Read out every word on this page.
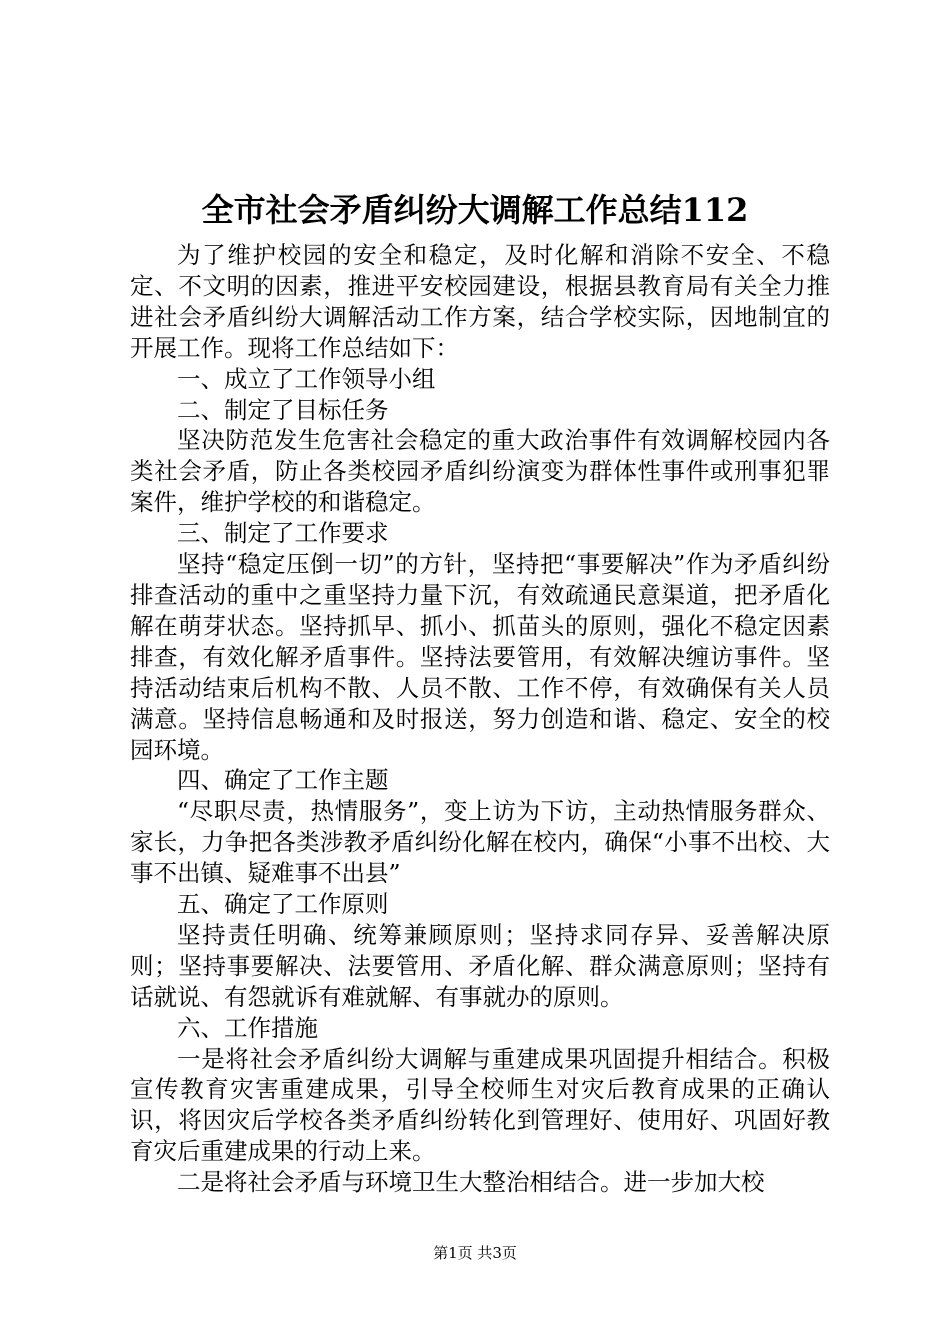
全市社会矛盾纠纷大调解工作总结112

为了维护校园的安全和稳定，及时化解和消除不安全、不稳定、不文明的因素，推进平安校园建设，根据县教育局有关全力推进社会矛盾纠纷大调解活动工作方案，结合学校实际，因地制宜的开展工作。现将工作总结如下：

一、成立了工作领导小组

二、制定了目标任务

坚决防范发生危害社会稳定的重大政治事件有效调解校园内各类社会矛盾，防止各类校园矛盾纠纷演变为群体性事件或刑事犯罪案件，维护学校的和谐稳定。

三、制定了工作要求

坚持“稳定压倒一切”的方针，坚持把“事要解决”作为矛盾纠纷排查活动的重中之重坚持力量下沉，有效疏通民意渠道，把矛盾化解在萌芽状态。坚持抓早、抓小、抓苗头的原则，强化不稳定因素排查，有效化解矛盾事件。坚持法要管用，有效解决缠访事件。坚持活动结束后机构不散、人员不散、工作不停，有效确保有关人员满意。坚持信息畅通和及时报送，努力创造和谐、稳定、安全的校园环境。

四、确定了工作主题

“尽职尽责，热情服务”，变上访为下访，主动热情服务群众、家长，力争把各类涉教矛盾纠纷化解在校内，确保“小事不出校、大事不出镇、疑难事不出县”

五、确定了工作原则

坚持责任明确、统筹兼顾原则；坚持求同存异、妥善解决原则；坚持事要解决、法要管用、矛盾化解、群众满意原则；坚持有话就说、有怨就诉有难就解、有事就办的原则。

六、工作措施

一是将社会矛盾纠纷大调解与重建成果巩固提升相结合。积极宣传教育灾害重建成果，引导全校师生对灾后教育成果的正确认识，将因灾后学校各类矛盾纠纷转化到管理好、使用好、巩固好教育灾后重建成果的行动上来。

二是将社会矛盾与环境卫生大整治相结合。进一步加大校

第1页 共3页
